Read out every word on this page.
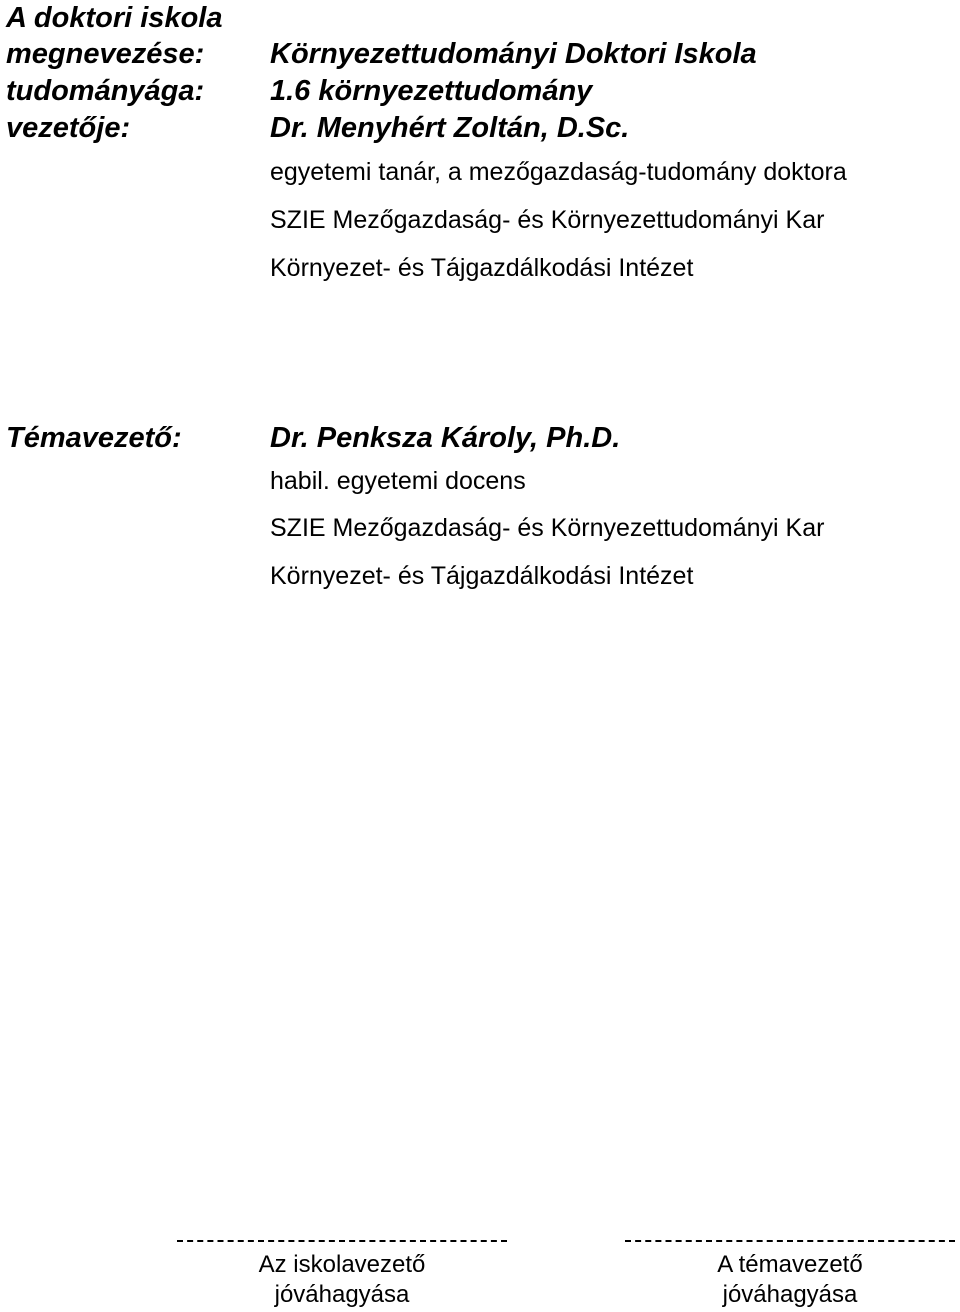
A doktori iskola
megnevezése: Környezettudományi Doktori Iskola
tudományága: 1.6 környezettudomány
vezetője:	Dr. Menyhért Zoltán, D.Sc.
egyetemi tanár, a mezőgazdaság-tudomány doktora
SZIE Mezőgazdaság- és Környezettudományi Kar
Környezet- és Tájgazdálkodási Intézet
Témavezető:	Dr. Penksza Károly, Ph.D.
habil. egyetemi docens
SZIE Mezőgazdaság- és Környezettudományi Kar
Környezet- és Tájgazdálkodási Intézet
Az iskolavezető
jóváhagyása
A témavezető
jóváhagyása
